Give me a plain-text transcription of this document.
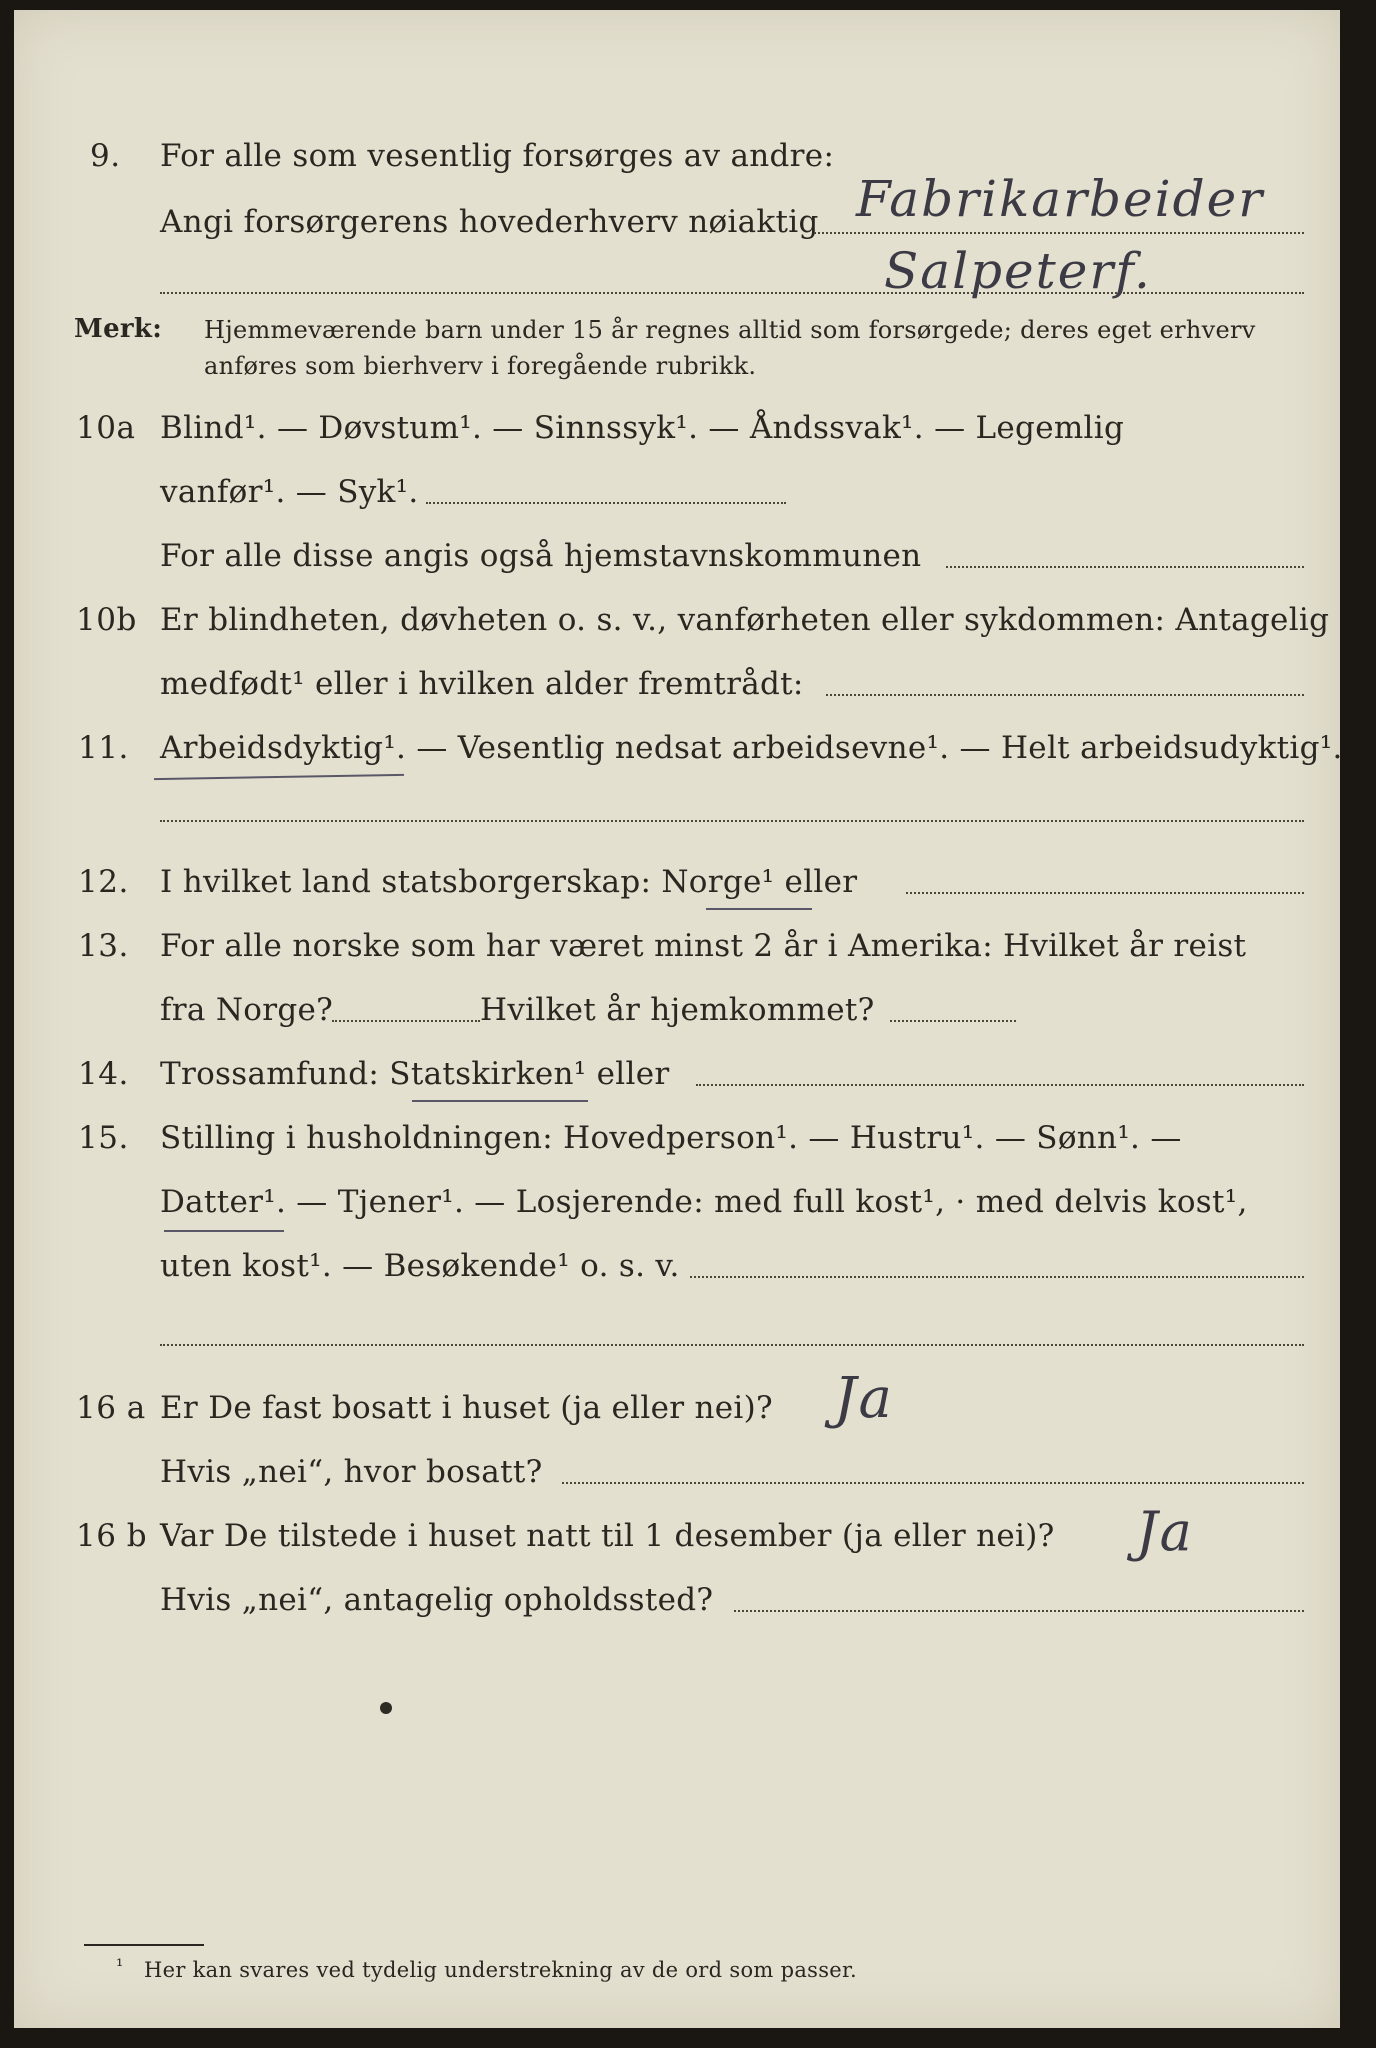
9. For alle som vesentlig forsørges av andre:
Angi forsørgerens hovederhverv nøiaktig Fabrikarbeider
Salpeterf.
Merk: Hjemmeværende barn under 15 år regnes alltid som forsørgede; deres eget erhverv
anføres som bierhverv i foregående rubrikk.
10a Blind¹. — Døvstum¹. — Sinnssyk¹. — Åndssvak¹. — Legemlig
vanfør¹. — Syk¹.
For alle disse angis også hjemstavnskommunen
10b Er blindheten, døvheten o. s. v., vanførheten eller sykdommen: Antagelig
medfødt¹ eller i hvilken alder fremtrådt:
11. Arbeidsdyktig¹. — Vesentlig nedsat arbeidsevne¹. — Helt arbeidsudyktig¹.
12. I hvilket land statsborgerskap: Norge¹ eller
13. For alle norske som har været minst 2 år i Amerika: Hvilket år reist
fra Norge?	Hvilket år hjemkommet?
14. Trossamfund: Statskirken¹ eller
15. Stilling i husholdningen: Hovedperson¹. — Hustru¹. — Sønn¹. —
Datter¹. — Tjener¹. — Losjerende: med full kost¹, · med delvis kost¹,
uten kost¹. — Besøkende¹ o. s. v.
16 a Er De fast bosatt i huset (ja eller nei)? Ja
Hvis „nei“, hvor bosatt?
16 b Var De tilstede i huset natt til 1 desember (ja eller nei)? Ja
Hvis „nei“, antagelig opholdssted?
¹ Her kan svares ved tydelig understrekning av de ord som passer.
